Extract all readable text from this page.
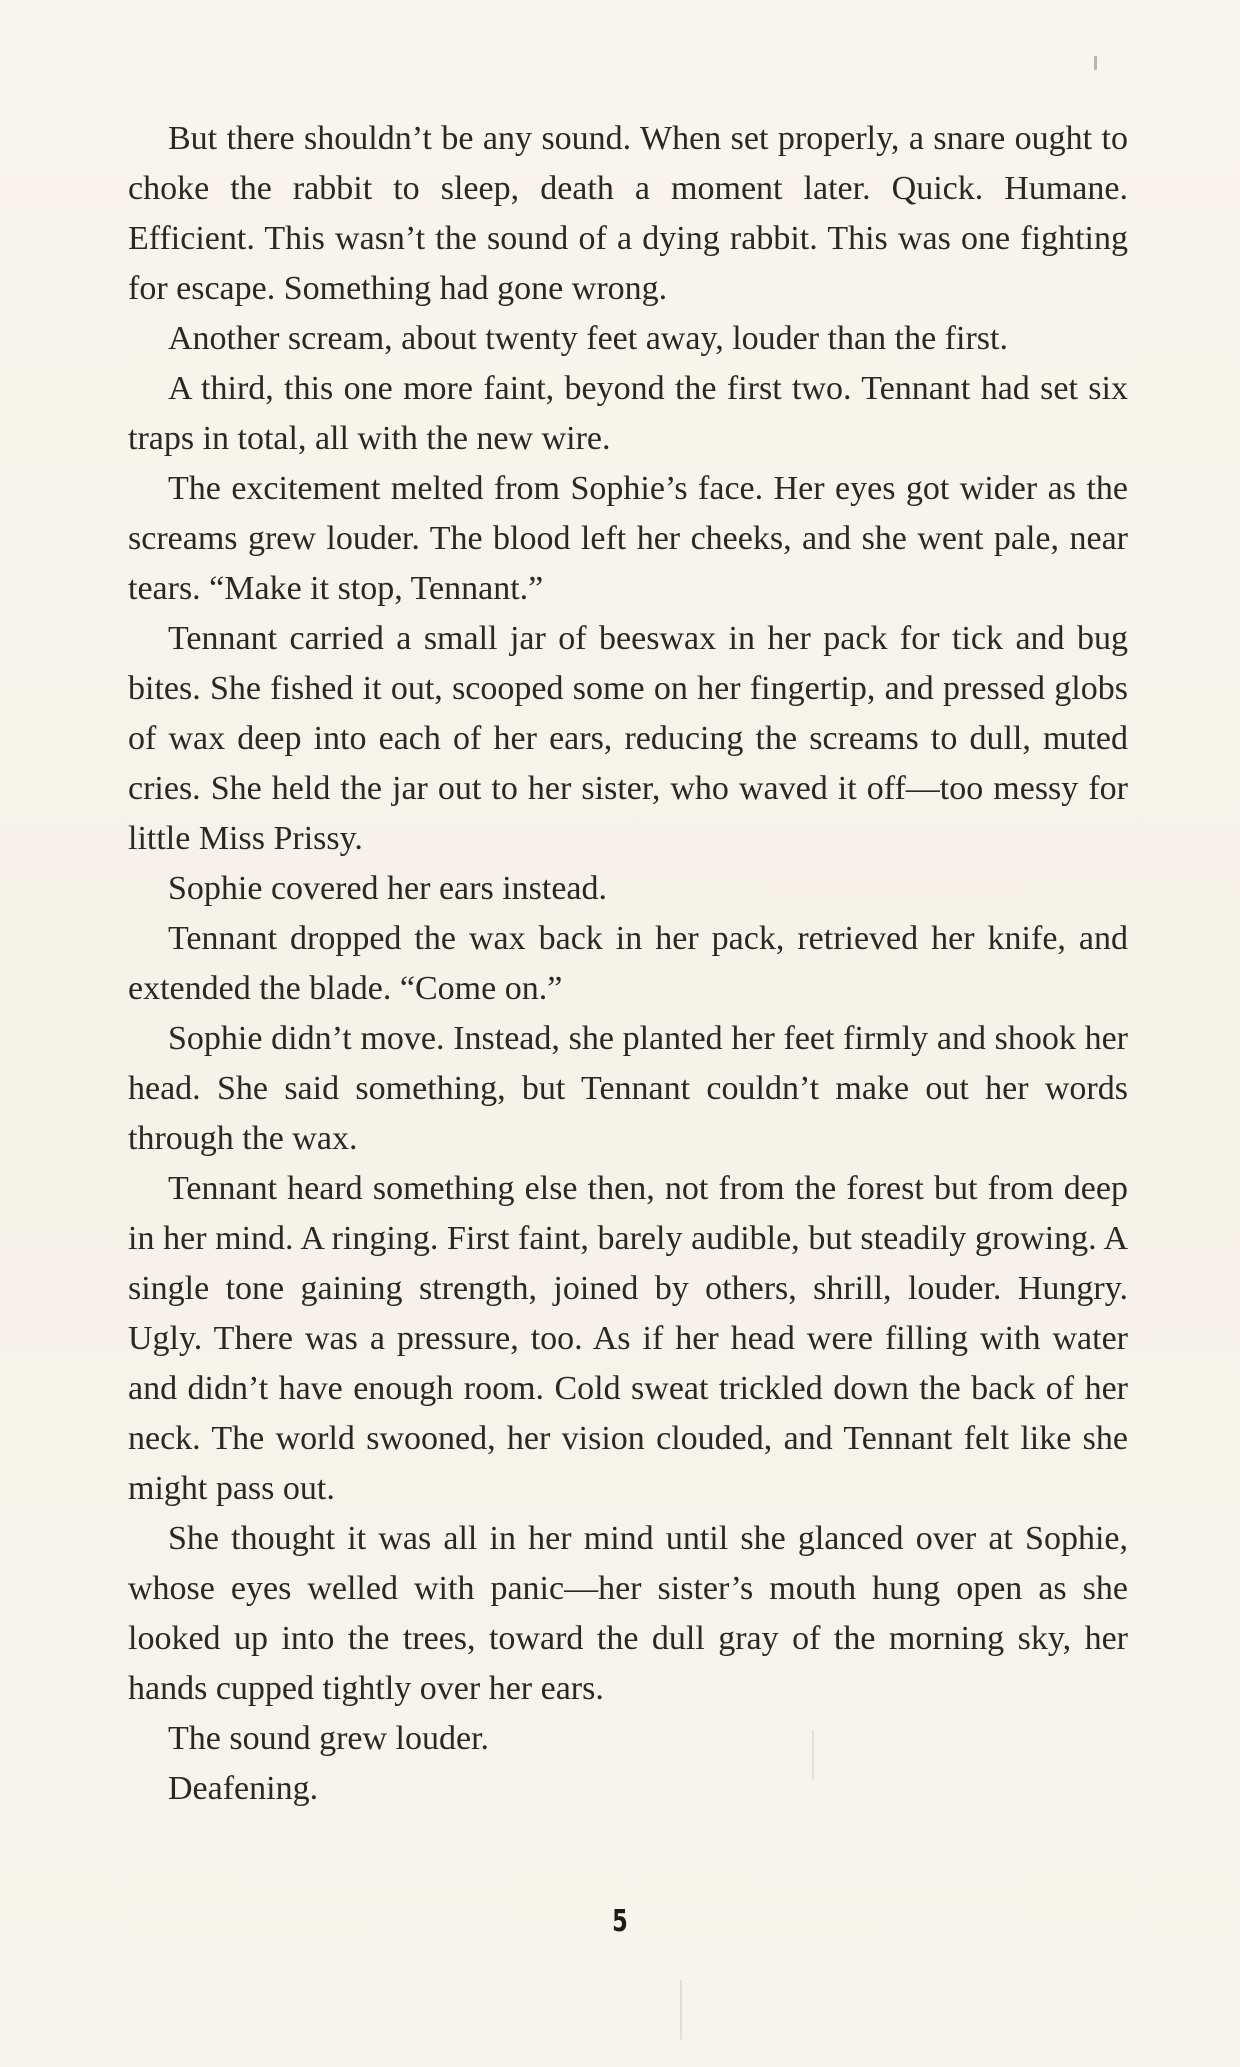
But there shouldn’t be any sound. When set properly, a snare ought to choke the rabbit to sleep, death a moment later. Quick. Humane. Efficient. This wasn’t the sound of a dying rabbit. This was one fighting for escape. Something had gone wrong.

Another scream, about twenty feet away, louder than the first.

A third, this one more faint, beyond the first two. Tennant had set six traps in total, all with the new wire.

The excitement melted from Sophie’s face. Her eyes got wider as the screams grew louder. The blood left her cheeks, and she went pale, near tears. “Make it stop, Tennant.”

Tennant carried a small jar of beeswax in her pack for tick and bug bites. She fished it out, scooped some on her fingertip, and pressed globs of wax deep into each of her ears, reducing the screams to dull, muted cries. She held the jar out to her sister, who waved it off—too messy for little Miss Prissy.

Sophie covered her ears instead.

Tennant dropped the wax back in her pack, retrieved her knife, and extended the blade. “Come on.”

Sophie didn’t move. Instead, she planted her feet firmly and shook her head. She said something, but Tennant couldn’t make out her words through the wax.

Tennant heard something else then, not from the forest but from deep in her mind. A ringing. First faint, barely audible, but steadily growing. A single tone gaining strength, joined by others, shrill, louder. Hungry. Ugly. There was a pressure, too. As if her head were filling with water and didn’t have enough room. Cold sweat trickled down the back of her neck. The world swooned, her vision clouded, and Tennant felt like she might pass out.

She thought it was all in her mind until she glanced over at Sophie, whose eyes welled with panic—her sister’s mouth hung open as she looked up into the trees, toward the dull gray of the morning sky, her hands cupped tightly over her ears.

The sound grew louder.

Deafening.

5
